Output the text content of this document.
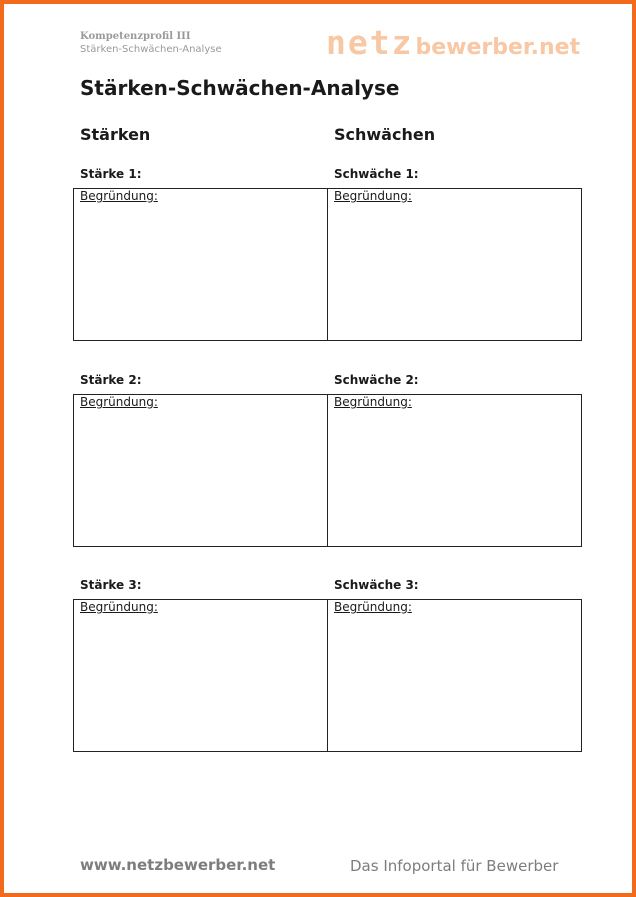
Kompetenzprofil III
Stärken-Schwächen-Analyse	netzbewerber.net
Stärken-Schwächen-Analyse
Stärken	Schwächen
Stärke 1:	Schwäche 1:
Begründung:	Begründung:
Stärke 2:	Schwäche 2:
Begründung:	Begründung:
Stärke 3:	Schwäche 3:
Begründung:	Begründung:
www.netzbewerber.net	Das Infoportal für Bewerber
